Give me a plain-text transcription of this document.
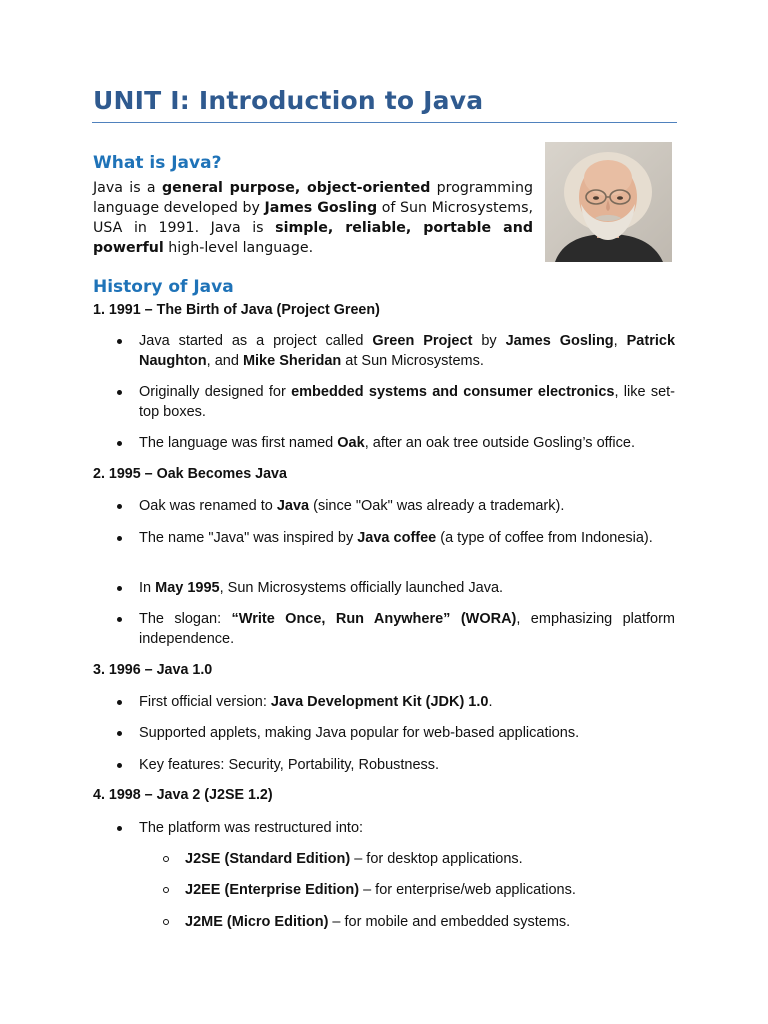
UNIT I: Introduction to Java
What is Java?
Java is a general purpose, object-oriented programming language developed by James Gosling of Sun Microsystems, USA in 1991. Java is simple, reliable, portable and powerful high-level language.
History of Java
1. 1991 – The Birth of Java (Project Green)
Java started as a project called Green Project by James Gosling, Patrick Naughton, and Mike Sheridan at Sun Microsystems.
Originally designed for embedded systems and consumer electronics, like set-top boxes.
The language was first named Oak, after an oak tree outside Gosling’s office.
2. 1995 – Oak Becomes Java
Oak was renamed to Java (since "Oak" was already a trademark).
The name "Java" was inspired by Java coffee (a type of coffee from Indonesia).
In May 1995, Sun Microsystems officially launched Java.
The slogan: “Write Once, Run Anywhere” (WORA), emphasizing platform independence.
3. 1996 – Java 1.0
First official version: Java Development Kit (JDK) 1.0.
Supported applets, making Java popular for web-based applications.
Key features: Security, Portability, Robustness.
4. 1998 – Java 2 (J2SE 1.2)
The platform was restructured into:
J2SE (Standard Edition) – for desktop applications.
J2EE (Enterprise Edition) – for enterprise/web applications.
J2ME (Micro Edition) – for mobile and embedded systems.
